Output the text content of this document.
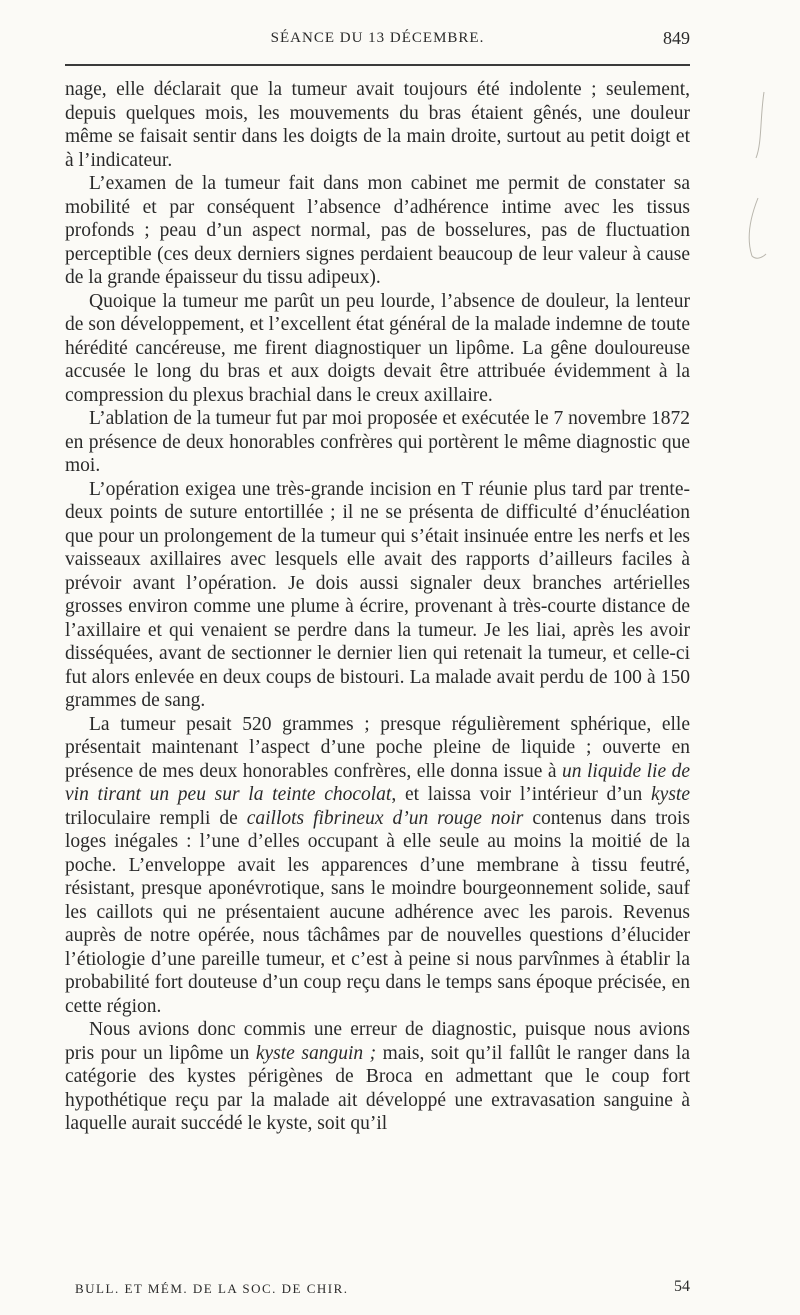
SÉANCE DU 13 DÉCEMBRE.	849

nage, elle déclarait que la tumeur avait toujours été indolente ; seulement, depuis quelques mois, les mouvements du bras étaient gênés, une douleur même se faisait sentir dans les doigts de la main droite, surtout au petit doigt et à l’indicateur.

L’examen de la tumeur fait dans mon cabinet me permit de constater sa mobilité et par conséquent l’absence d’adhérence intime avec les tissus profonds ; peau d’un aspect normal, pas de bosselures, pas de fluctuation perceptible (ces deux derniers signes perdaient beaucoup de leur valeur à cause de la grande épaisseur du tissu adipeux).

Quoique la tumeur me parût un peu lourde, l’absence de douleur, la lenteur de son développement, et l’excellent état général de la malade indemne de toute hérédité cancéreuse, me firent diagnostiquer un lipôme. La gêne douloureuse accusée le long du bras et aux doigts devait être attribuée évidemment à la compression du plexus brachial dans le creux axillaire.

L’ablation de la tumeur fut par moi proposée et exécutée le 7 novembre 1872 en présence de deux honorables confrères qui portèrent le même diagnostic que moi.

L’opération exigea une très-grande incision en T réunie plus tard par trente-deux points de suture entortillée ; il ne se présenta de difficulté d’énucléation que pour un prolongement de la tumeur qui s’était insinuée entre les nerfs et les vaisseaux axillaires avec lesquels elle avait des rapports d’ailleurs faciles à prévoir avant l’opération. Je dois aussi signaler deux branches artérielles grosses environ comme une plume à écrire, provenant à très-courte distance de l’axillaire et qui venaient se perdre dans la tumeur. Je les liai, après les avoir disséquées, avant de sectionner le dernier lien qui retenait la tumeur, et celle-ci fut alors enlevée en deux coups de bistouri. La malade avait perdu de 100 à 150 grammes de sang.

La tumeur pesait 520 grammes ; presque régulièrement sphérique, elle présentait maintenant l’aspect d’une poche pleine de liquide ; ouverte en présence de mes deux honorables confrères, elle donna issue à un liquide lie de vin tirant un peu sur la teinte chocolat, et laissa voir l’intérieur d’un kyste triloculaire rempli de caillots fibrineux d’un rouge noir contenus dans trois loges inégales : l’une d’elles occupant à elle seule au moins la moitié de la poche. L’enveloppe avait les apparences d’une membrane à tissu feutré, résistant, presque aponévrotique, sans le moindre bourgeonnement solide, sauf les caillots qui ne présentaient aucune adhérence avec les parois. Revenus auprès de notre opérée, nous tâchâmes par de nouvelles questions d’élucider l’étiologie d’une pareille tumeur, et c’est à peine si nous parvînmes à établir la probabilité fort douteuse d’un coup reçu dans le temps sans époque précisée, en cette région.

Nous avions donc commis une erreur de diagnostic, puisque nous avions pris pour un lipôme un kyste sanguin ; mais, soit qu’il fallût le ranger dans la catégorie des kystes périgènes de Broca en admettant que le coup fort hypothétique reçu par la malade ait développé une extravasation sanguine à laquelle aurait succédé le kyste, soit qu’il

BULL. ET MÉM. DE LA SOC. DE CHIR.	54
